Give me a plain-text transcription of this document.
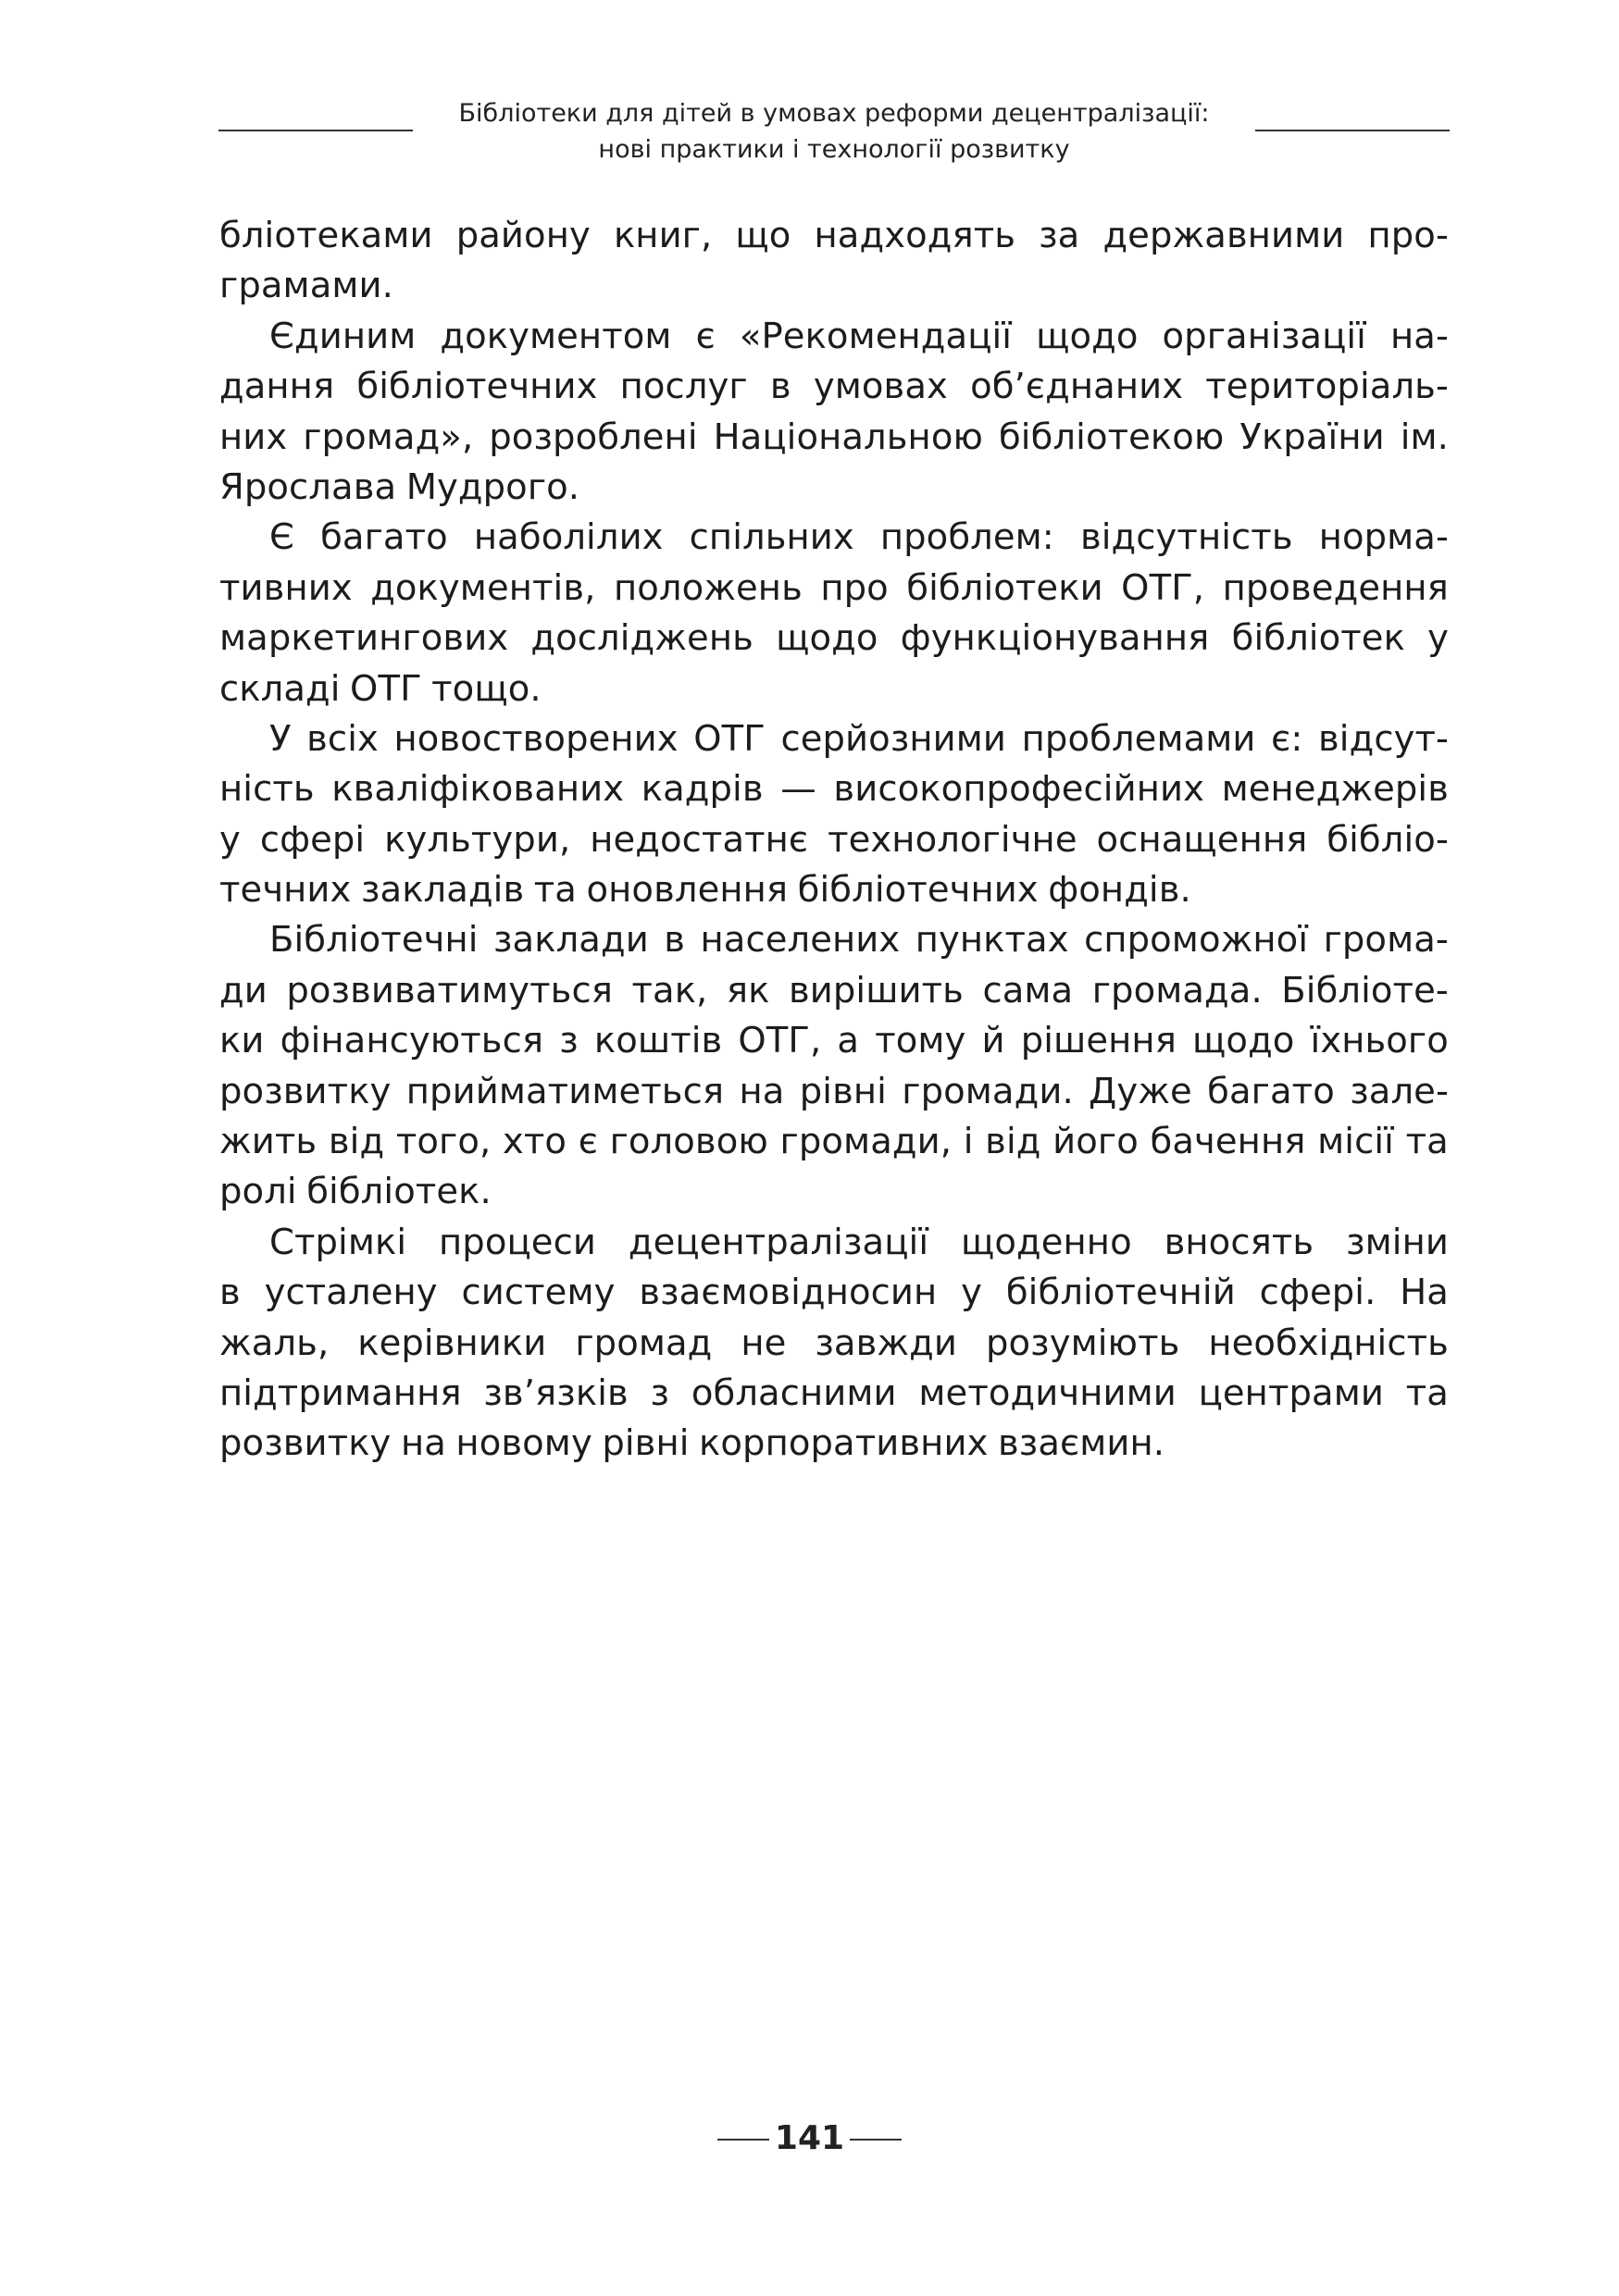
Бібліотеки для дітей в умовах реформи децентралізації:
нові практики і технології розвитку
бліотеками району книг, що надходять за державними про-
грамами.
Єдиним документом є «Рекомендації щодо організації на-
дання бібліотечних послуг в умовах об’єднаних територіаль-
них громад», розроблені Національною бібліотекою України ім.
Ярослава Мудрого.
Є багато наболілих спільних проблем: відсутність норма-
тивних документів, положень про бібліотеки ОТГ, проведення
маркетингових досліджень щодо функціонування бібліотек у
складі ОТГ тощо.
У всіх новостворених ОТГ серйозними проблемами є: відсут-
ність кваліфікованих кадрів — високопрофесійних менеджерів
у сфері культури, недостатнє технологічне оснащення бібліо-
течних закладів та оновлення бібліотечних фондів.
Бібліотечні заклади в населених пунктах спроможної грома-
ди розвиватимуться так, як вирішить сама громада. Бібліоте-
ки фінансуються з коштів ОТГ, а тому й рішення щодо їхнього
розвитку прийматиметься на рівні громади. Дуже багато зале-
жить від того, хто є головою громади, і від його бачення місії та
ролі бібліотек.
Стрімкі процеси децентралізації щоденно вносять зміни
в усталену систему взаємовідносин у бібліотечній сфері. На
жаль, керівники громад не завжди розуміють необхідність
підтримання зв’язків з обласними методичними центрами та
розвитку на новому рівні корпоративних взаємин.
141
